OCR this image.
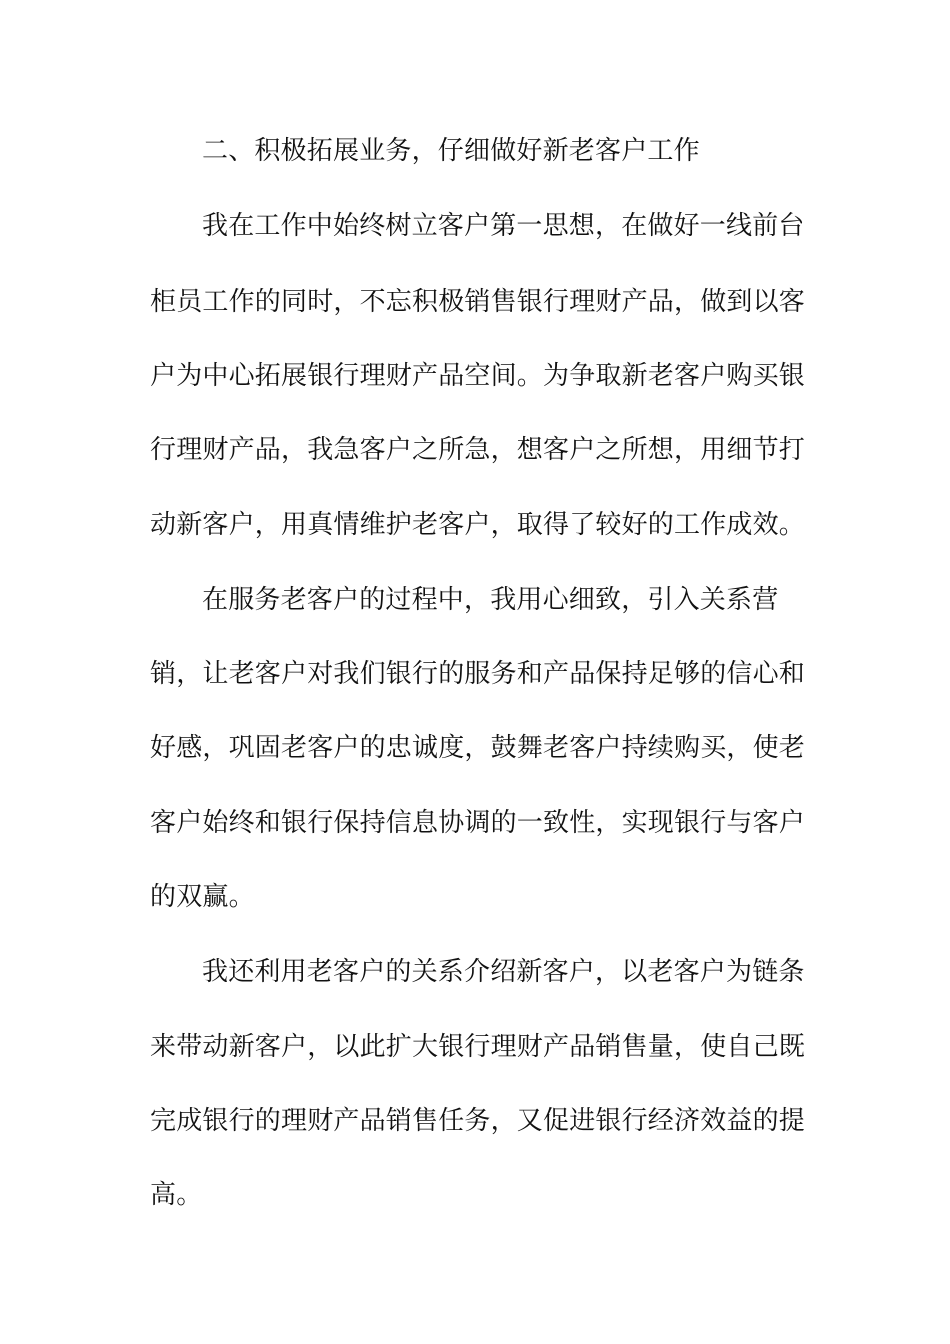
二、积极拓展业务，仔细做好新老客户工作
我在工作中始终树立客户第一思想，在做好一线前台
柜员工作的同时，不忘积极销售银行理财产品，做到以客
户为中心拓展银行理财产品空间。为争取新老客户购买银
行理财产品，我急客户之所急，想客户之所想，用细节打
动新客户，用真情维护老客户，取得了较好的工作成效。
在服务老客户的过程中，我用心细致，引入关系营
销，让老客户对我们银行的服务和产品保持足够的信心和
好感，巩固老客户的忠诚度，鼓舞老客户持续购买，使老
客户始终和银行保持信息协调的一致性，实现银行与客户
的双赢。
我还利用老客户的关系介绍新客户，以老客户为链条
来带动新客户，以此扩大银行理财产品销售量，使自己既
完成银行的理财产品销售任务，又促进银行经济效益的提
高。
